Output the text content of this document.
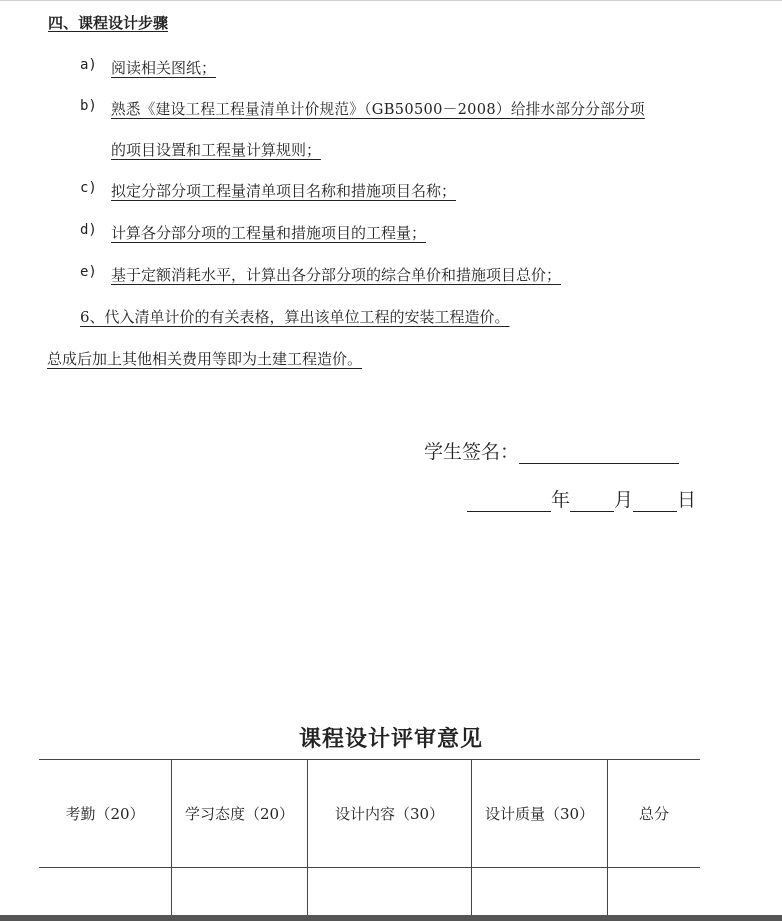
四、课程设计步骤
a) 阅读相关图纸；
b) 熟悉《建设工程工程量清单计价规范》（GB50500－2008）给排水部分分部分项
的项目设置和工程量计算规则；
c) 拟定分部分项工程量清单项目名称和措施项目名称；
d) 计算各分部分项的工程量和措施项目的工程量；
e) 基于定额消耗水平，计算出各分部分项的综合单价和措施项目总价；
6、代入清单计价的有关表格，算出该单位工程的安装工程造价。
总成后加上其他相关费用等即为土建工程造价。
学生签名：
年 月 日
课程设计评审意见
考勤（20）	学习态度（20）	设计内容（30）	设计质量（30）	总分
